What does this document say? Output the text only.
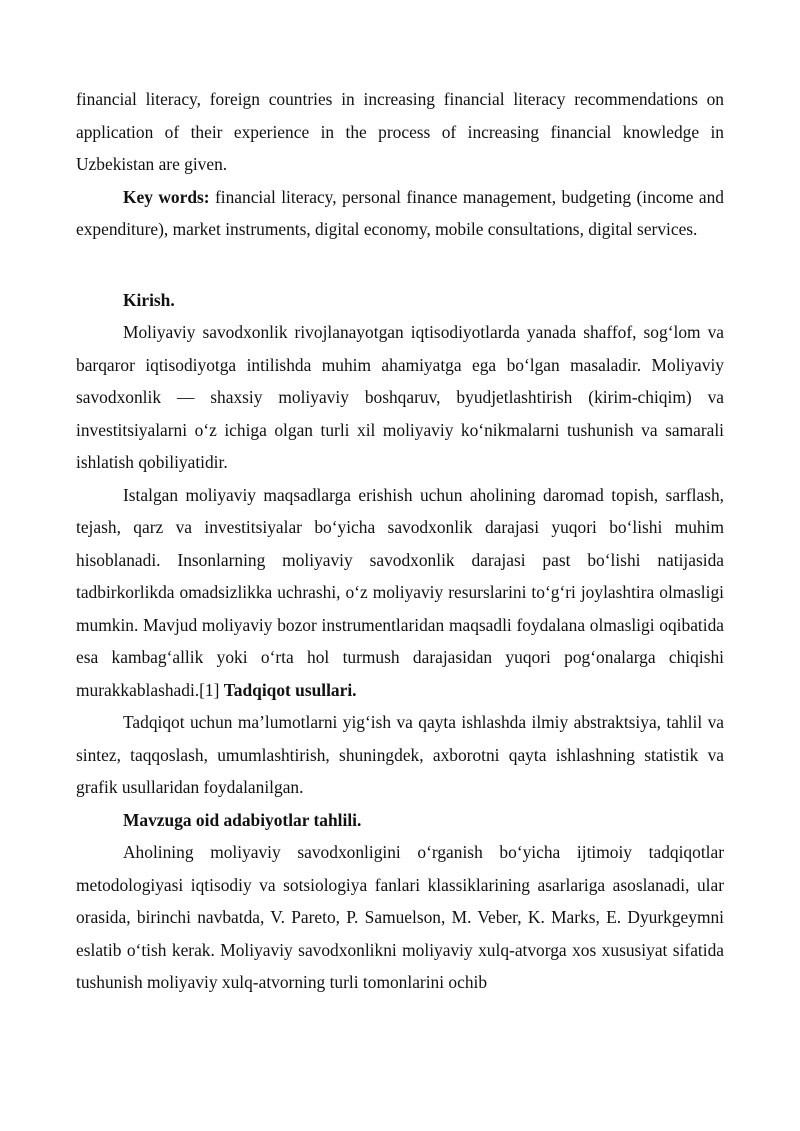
financial literacy, foreign countries in increasing financial literacy recommendations on application of their experience in the process of increasing financial knowledge in Uzbekistan are given.

Key words: financial literacy, personal finance management, budgeting (income and expenditure), market instruments, digital economy, mobile consultations, digital services.

Kirish.

Moliyaviy savodxonlik rivojlanayotgan iqtisodiyotlarda yanada shaffof, sog‘lom va barqaror iqtisodiyotga intilishda muhim ahamiyatga ega bo‘lgan masaladir. Moliyaviy savodxonlik — shaxsiy moliyaviy boshqaruv, byudjetlashtirish (kirim-chiqim) va investitsiyalarni o‘z ichiga olgan turli xil moliyaviy ko‘nikmalarni tushunish va samarali ishlatish qobiliyatidir.

Istalgan moliyaviy maqsadlarga erishish uchun aholining daromad topish, sarflash, tejash, qarz va investitsiyalar bo‘yicha savodxonlik darajasi yuqori bo‘lishi muhim hisoblanadi. Insonlarning moliyaviy savodxonlik darajasi past bo‘lishi natijasida tadbirkorlikda omadsizlikka uchrashi, o‘z moliyaviy resurslarini to‘g‘ri joylashtira olmasligi mumkin. Mavjud moliyaviy bozor instrumentlaridan maqsadli foydalana olmasligi oqibatida esa kambag‘allik yoki o‘rta hol turmush darajasidan yuqori pog‘onalarga chiqishi murakkablashadi.[1] Tadqiqot usullari.

Tadqiqot uchun ma’lumotlarni yig‘ish va qayta ishlashda ilmiy abstraktsiya, tahlil va sintez, taqqoslash, umumlashtirish, shuningdek, axborotni qayta ishlashning statistik va grafik usullaridan foydalanilgan.

Mavzuga oid adabiyotlar tahlili.

Aholining moliyaviy savodxonligini o‘rganish bo‘yicha ijtimoiy tadqiqotlar metodologiyasi iqtisodiy va sotsiologiya fanlari klassiklarining asarlariga asoslanadi, ular orasida, birinchi navbatda, V. Pareto, P. Samuelson, M. Veber, K. Marks, E. Dyurkgeymni eslatib o‘tish kerak. Moliyaviy savodxonlikni moliyaviy xulq-atvorga xos xususiyat sifatida tushunish moliyaviy xulq-atvorning turli tomonlarini ochib
